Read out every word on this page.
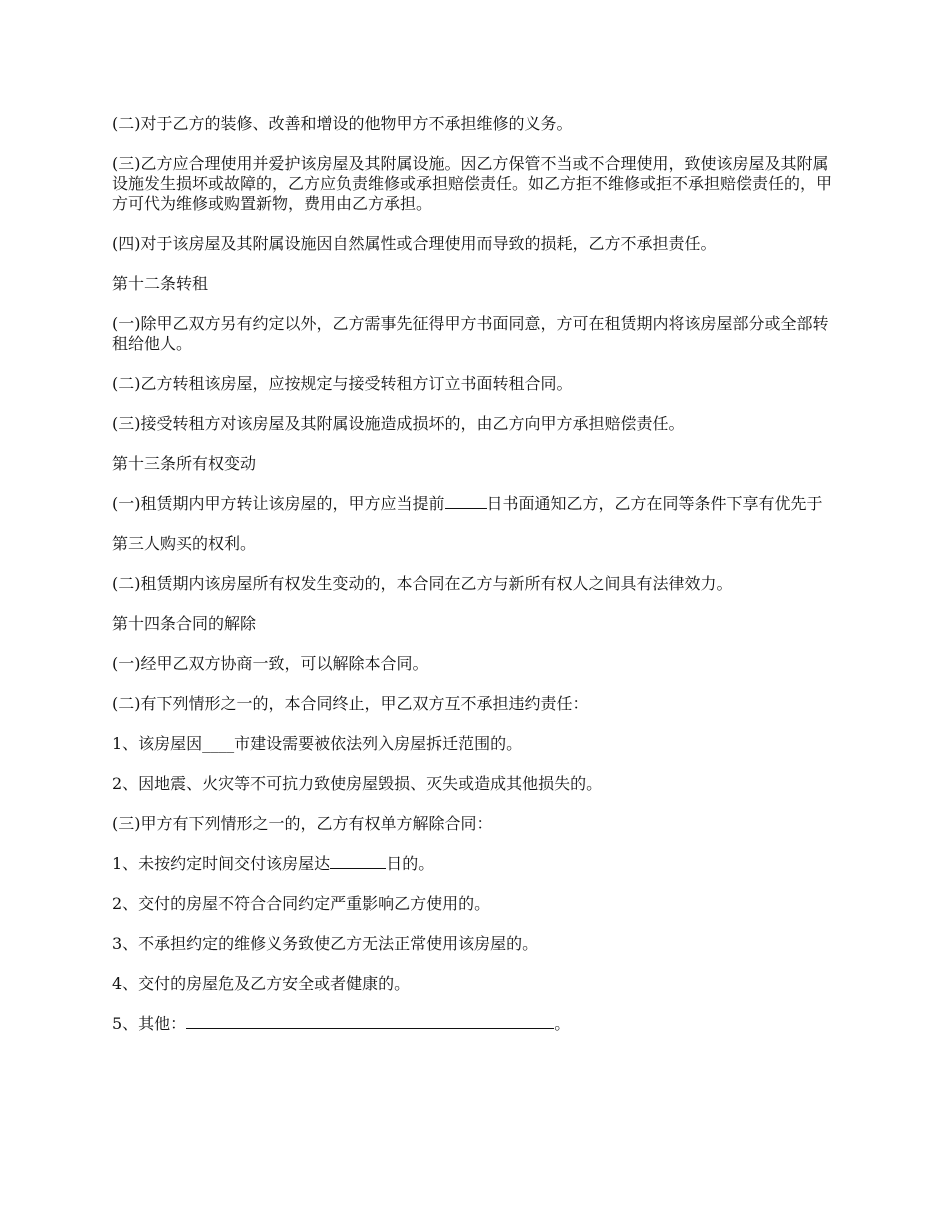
(二)对于乙方的装修、改善和增设的他物甲方不承担维修的义务。

(三)乙方应合理使用并爱护该房屋及其附属设施。因乙方保管不当或不合理使用，致使该房屋及其附属设施发生损坏或故障的，乙方应负责维修或承担赔偿责任。如乙方拒不维修或拒不承担赔偿责任的，甲方可代为维修或购置新物，费用由乙方承担。

(四)对于该房屋及其附属设施因自然属性或合理使用而导致的损耗，乙方不承担责任。

第十二条转租

(一)除甲乙双方另有约定以外，乙方需事先征得甲方书面同意，方可在租赁期内将该房屋部分或全部转租给他人。

(二)乙方转租该房屋，应按规定与接受转租方订立书面转租合同。

(三)接受转租方对该房屋及其附属设施造成损坏的，由乙方向甲方承担赔偿责任。

第十三条所有权变动

(一)租赁期内甲方转让该房屋的，甲方应当提前	日书面通知乙方，乙方在同等条件下享有优先于

第三人购买的权利。

(二)租赁期内该房屋所有权发生变动的，本合同在乙方与新所有权人之间具有法律效力。

第十四条合同的解除

(一)经甲乙双方协商一致，可以解除本合同。

(二)有下列情形之一的，本合同终止，甲乙双方互不承担违约责任：

1、该房屋因____市建设需要被依法列入房屋拆迁范围的。

2、因地震、火灾等不可抗力致使房屋毁损、灭失或造成其他损失的。

(三)甲方有下列情形之一的，乙方有权单方解除合同：

1、未按约定时间交付该房屋达	日的。

2、交付的房屋不符合合同约定严重影响乙方使用的。

3、不承担约定的维修义务致使乙方无法正常使用该房屋的。

4、交付的房屋危及乙方安全或者健康的。

5、其他：	。
